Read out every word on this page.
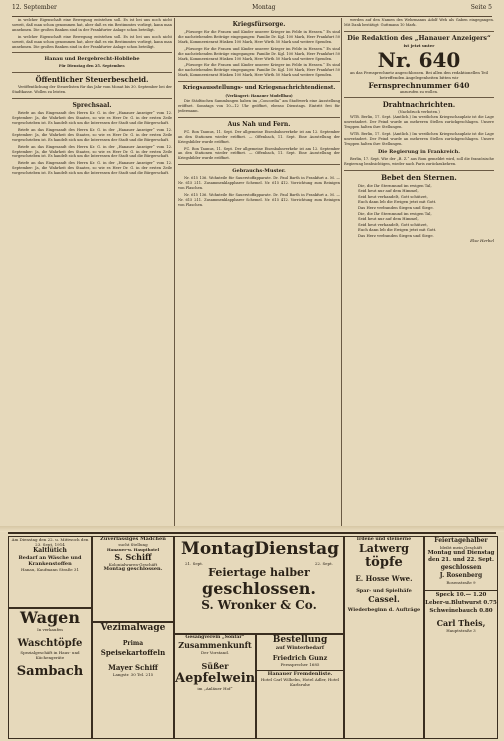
12. September	Montag	Seite 5

in welcher Eigenschaft eine Bewegung entstehen soll. Es ist bei uns noch nicht soweit, daß man schon genommen hat, aber daß es ein Bestimmtes vorliegt, kann man annehmen. Die großen Banken sind in der Frankfurter Anlage schon beteiligt.

in welcher Eigenschaft eine Bewegung entstehen soll. Es ist bei uns noch nicht soweit, daß man schon genommen hat, aber daß es ein Bestimmtes vorliegt, kann man annehmen. Die großen Banken sind in der Frankfurter Anlage schon beteiligt.

Hanau und Bergebrecht-Hobliebe
Für Dienstag den 25. September.
Öffentlicher Steuerbescheid.

Veröffentlichung der Steuerlisten für das Jahr vom Monat bis 30. September bei der Stadtkasse. Wollen zu leisten.

Sprechsaal.

Briefe an das Eingesandt des Herrn Kr. G. in der „Hanauer Anzeiger“ vom 12. September: Ja, die Wahrheit des Staates, so wie es Herr Dr. G. in der ersten Zeile vorgeschrieben ist. Es handelt sich um die Interessen der Stadt und die Bürgerschaft.

Briefe an das Eingesandt des Herrn Kr. G. in der „Hanauer Anzeiger“ vom 12. September: Ja, die Wahrheit des Staates, so wie es Herr Dr. G. in der ersten Zeile vorgeschrieben ist. Es handelt sich um die Interessen der Stadt und die Bürgerschaft.

Briefe an das Eingesandt des Herrn Kr. G. in der „Hanauer Anzeiger“ vom 12. September: Ja, die Wahrheit des Staates, so wie es Herr Dr. G. in der ersten Zeile vorgeschrieben ist. Es handelt sich um die Interessen der Stadt und die Bürgerschaft.

Briefe an das Eingesandt des Herrn Kr. G. in der „Hanauer Anzeiger“ vom 12. September: Ja, die Wahrheit des Staates, so wie es Herr Dr. G. in der ersten Zeile vorgeschrieben ist. Es handelt sich um die Interessen der Stadt und die Bürgerschaft.

Kriegsfürsorge.

„Fürsorge für die Frauen und Kinder unserer Krieger im Felde in Hessen.“ Es sind die nachstehenden Beiträge eingegangen: Familie Dr. Kgl. 100 Mark, Herr Frankfurt 50 Mark, Kommerzienrat Hüsken 100 Mark, Herr Wirth 50 Mark und weitere Spenden.

„Fürsorge für die Frauen und Kinder unserer Krieger im Felde in Hessen.“ Es sind die nachstehenden Beiträge eingegangen: Familie Dr. Kgl. 100 Mark, Herr Frankfurt 50 Mark, Kommerzienrat Hüsken 100 Mark, Herr Wirth 50 Mark und weitere Spenden.

„Fürsorge für die Frauen und Kinder unserer Krieger im Felde in Hessen.“ Es sind die nachstehenden Beiträge eingegangen: Familie Dr. Kgl. 100 Mark, Herr Frankfurt 50 Mark, Kommerzienrat Hüsken 100 Mark, Herr Wirth 50 Mark und weitere Spenden.

Kriegsausstellungs- und Kriegsnachrichtendienst.
(Verlängert: Hanauer Modellbau)

Die Städtischen Sammlungen haben im „Concordia“ am Stadtwerk eine Ausstellung eröffnet. Sonntags von 10—12 Uhr geöffnet, ebenso Dienstags. Eintritt frei für jedermann.

Aus Nah und Fern.

FC. Bon Taunus, 11. Sept. Der allgemeine Eisenbahnverkehr ist am 12. September an den Stationen wieder eröffnet. — Offenbach, 11. Sept. Eine Ausstellung der Kriegsbilder wurde eröffnet.

FC. Bon Taunus, 11. Sept. Der allgemeine Eisenbahnverkehr ist am 12. September an den Stationen wieder eröffnet. — Offenbach, 11. Sept. Eine Ausstellung der Kriegsbilder wurde eröffnet.

Gebrauchs-Muster.

Nr. 615 136. Wohnteile für Sauerstoffapparate. Dr. Paul Barth in Frankfurt a. M. — Nr. 615 211. Zusammenklappbarer Schemel. Nr. 615 412. Vorrichtung zum Reinigen von Flaschen.

Nr. 615 136. Wohnteile für Sauerstoffapparate. Dr. Paul Barth in Frankfurt a. M. — Nr. 615 211. Zusammenklappbarer Schemel. Nr. 615 412. Vorrichtung zum Reinigen von Flaschen.

werden auf den Namen des Wehrmanns Adolf Weh als Gaben eingegangen. Mit Dank bestätigt: Guttmann 10 Mark.

Die Redaktion des „Hanauer Anzeigers“
ist jetzt unter
Nr. 640
an das Fernsprechnetz angeschlossen. Bei allen den redaktionellen Teil betreffenden Angelegenheiten bitten wir
Fernsprechnummer 640
anzurufen zu wollen.
Drahtnachrichten.
(Nachdruck verboten.)

WTB. Berlin, 17. Sept. (Amtlich.) Im westlichen Kriegsschauplatz ist die Lage unverändert. Der Feind wurde an mehreren Stellen zurückgeschlagen. Unsere Truppen halten ihre Stellungen.

WTB. Berlin, 17. Sept. (Amtlich.) Im westlichen Kriegsschauplatz ist die Lage unverändert. Der Feind wurde an mehreren Stellen zurückgeschlagen. Unsere Truppen halten ihre Stellungen.

Die Regierung in Frankreich.

Berlin, 17. Sept. Wie der „B. Z.“ aus Rom gemeldet wird, soll die französische Regierung beabsichtigen, wieder nach Paris zurückzukehren.

Bebet den Sternen.
Die, die Ihr Sternmund im ewigen Tal,
Seid heut nur auf dem Himmel,
Seid heut verhandelt, Gott schützet,
Euch dann leb die Ewigen jetzt mit Gott.
Das Herz verbunden Siegen und Siege.
Die, die Ihr Sternmund im ewigen Tal,
Seid heut nur auf dem Himmel,
Seid heut verhandelt, Gott schützet,
Euch dann leb die Ewigen jetzt mit Gott.
Das Herz verbunden Siegen und Siege.
Else Herbel
Am Dienstag den 22. u. Mittwoch den 23. Sept. 1914
Kaltlütich
Bedarf an Wäsche und Krankenstoffen
Hanau, Kaufmann Straße 31
Wagen
In verkaufen
Waschtöpfe
Spezialgeschäft in Haus- und Küchengeräte
Sambach
Zuverlässiges Mädchen
sucht Stellung
Hanauer-u. Haupthotel
S. Schiff
Kolonialwaren-Geschäft
Montag geschlossen.
Vezimalwage
Prima
Speisekartoffeln
Mayer Schiff
Langstr. 30 Tel. 215
Montag Dienstag
21. Sept.	22. Sept.
Feiertage halber
geschlossen.
S. Wronker & Co.
Gesangverein „Sonfar“
Zusammenkunft
Der Vorstand.
Süßer
Aepfelwein
im „Anläuer Hof“
Bestellung
auf Winterbedarf
Friedrich Gunz
Fernsprecher 1685
Hanauer Fremdenliste.
Hotel Carl Wilhelm, Hotel Adler, Hotel Karlsruhe
Irdene und steinerne
Latwerg
töpfe
E. Hosse Wwe.
Spar- und Spielhäfe
Cassel.
Wiederbeginn d. Aufträge
Feiertagehalber
bleibt mein Geschäft
Montag und Dienstag
den 21. und 22. Sept.
geschlossen
J. Rosenberg
Rosenstraße 9
Speck 10.— 1.20
Leber-u.Blutwurst 0.75
Schweinebauch 0.80
Carl Theis,
Hauptstraße 3
